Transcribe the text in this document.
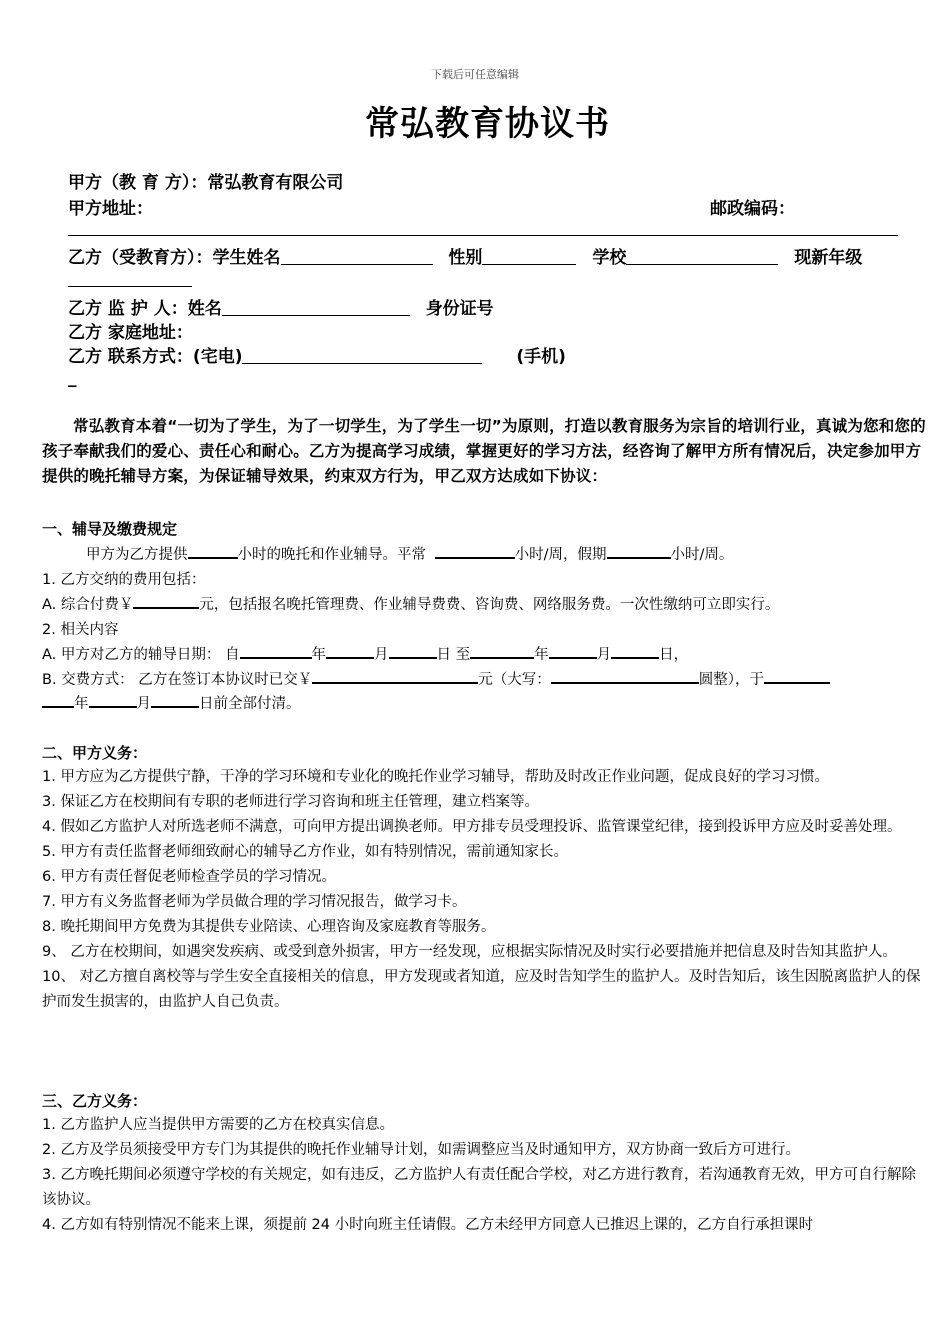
下载后可任意编辑
常弘教育协议书
甲方（教 育 方）：常弘教育有限公司
甲方地址：	邮政编码：
乙方（受教育方）：学生姓名	性别	学校	现新年级
乙方 监 护 人：姓名	身份证号
乙方 家庭地址：
乙方 联系方式：(宅电)	(手机)
_
常弘教育本着“一切为了学生，为了一切学生，为了学生一切”为原则，打造以教育服务为宗旨的培训行业，真诚为您和您的孩子奉献我们的爱心、责任心和耐心。乙方为提高学习成绩，掌握更好的学习方法，经咨询了解甲方所有情况后，决定参加甲方提供的晚托辅导方案，为保证辅导效果，约束双方行为，甲乙双方达成如下协议：
一、辅导及缴费规定
甲方为乙方提供	小时的晚托和作业辅导。平常	小时/周，假期	小时/周。
1. 乙方交纳的费用包括：
A. 综合付费￥	元，包括报名晚托管理费、作业辅导费费、咨询费、网络服务费。一次性缴纳可立即实行。
2. 相关内容
A. 甲方对乙方的辅导日期： 自	年	月	日 至	年	月	日，
B. 交费方式： 乙方在签订本协议时已交￥	元（大写：	圆整），于
年	月	日前全部付清。
二、甲方义务：
1. 甲方应为乙方提供宁静，干净的学习环境和专业化的晚托作业学习辅导，帮助及时改正作业问题，促成良好的学习习惯。
3. 保证乙方在校期间有专职的老师进行学习咨询和班主任管理，建立档案等。
4. 假如乙方监护人对所选老师不满意，可向甲方提出调换老师。甲方排专员受理投诉、监管课堂纪律，接到投诉甲方应及时妥善处理。
5. 甲方有责任监督老师细致耐心的辅导乙方作业，如有特别情况，需前通知家长。
6. 甲方有责任督促老师检查学员的学习情况。
7. 甲方有义务监督老师为学员做合理的学习情况报告，做学习卡。
8. 晚托期间甲方免费为其提供专业陪读、心理咨询及家庭教育等服务。
9、 乙方在校期间，如遇突发疾病、或受到意外损害，甲方一经发现，应根据实际情况及时实行必要措施并把信息及时告知其监护人。
10、 对乙方擅自离校等与学生安全直接相关的信息，甲方发现或者知道，应及时告知学生的监护人。及时告知后，该生因脱离监护人的保护而发生损害的，由监护人自己负责。
三、乙方义务：
1. 乙方监护人应当提供甲方需要的乙方在校真实信息。
2. 乙方及学员须接受甲方专门为其提供的晚托作业辅导计划，如需调整应当及时通知甲方，双方协商一致后方可进行。
3. 乙方晚托期间必须遵守学校的有关规定，如有违反，乙方监护人有责任配合学校，对乙方进行教育，若沟通教育无效，甲方可自行解除该协议。
4. 乙方如有特别情况不能来上课，须提前 24 小时向班主任请假。乙方未经甲方同意人已推迟上课的，乙方自行承担课时
